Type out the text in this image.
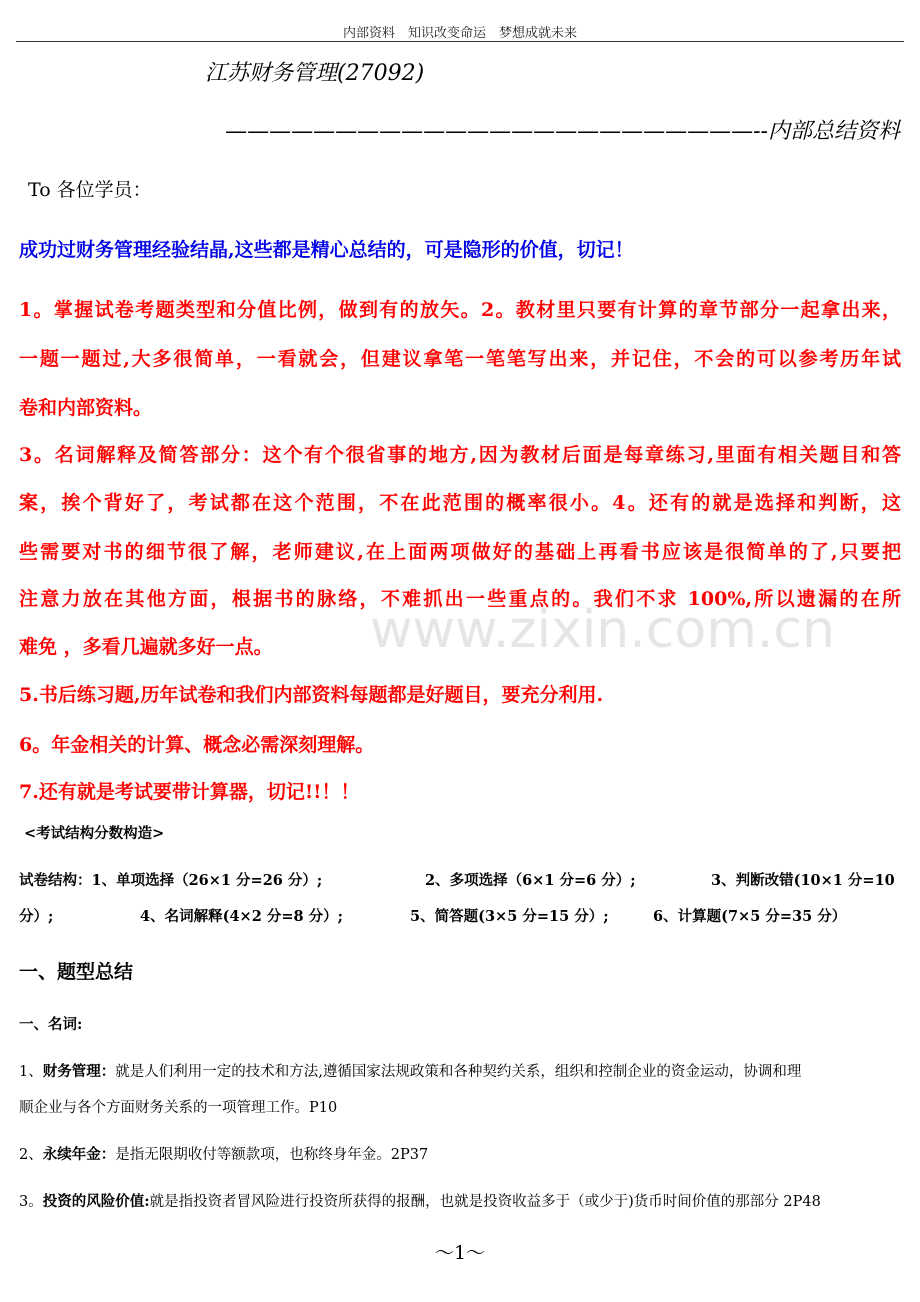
内部资料　知识改变命运　梦想成就未来
www.zixin.com.cn
江苏财务管理(27092)
————————————————————————--内部总结资料
To 各位学员：
成功过财务管理经验结晶,这些都是精心总结的，可是隐形的价值，切记！
1。掌握试卷考题类型和分值比例，做到有的放矢。2。教材里只要有计算的章节部分一起拿出来，
一题一题过,大多很简单，一看就会，但建议拿笔一笔笔写出来，并记住，不会的可以参考历年试
卷和内部资料。
3。名词解释及简答部分：这个有个很省事的地方,因为教材后面是每章练习,里面有相关题目和答
案，挨个背好了，考试都在这个范围，不在此范围的概率很小。4。还有的就是选择和判断，这
些需要对书的细节很了解，老师建议,在上面两项做好的基础上再看书应该是很简单的了,只要把
注意力放在其他方面，根据书的脉络，不难抓出一些重点的。我们不求 100%,所以遗漏的在所
难免 ，多看几遍就多好一点。
5.书后练习题,历年试卷和我们内部资料每题都是好题目，要充分利用.
6。年金相关的计算、概念必需深刻理解。
7.还有就是考试要带计算器，切记!!！！
<考试结构分数构造>
试卷结构：1、单项选择（26×1 分=26 分）;	2、多项选择（6×1 分=6 分）;	3、判断改错(10×1 分=10
分）;	4、名词解释(4×2 分=8 分）;	5、简答题(3×5 分=15 分）;	6、计算题(7×5 分=35 分）
一、题型总结
一、名词:
1、财务管理：就是人们利用一定的技术和方法,遵循国家法规政策和各种契约关系，组织和控制企业的资金运动，协调和理
顺企业与各个方面财务关系的一项管理工作。P10
2、永续年金：是指无限期收付等额款项，也称终身年金。2P37
3。投资的风险价值:就是指投资者冒风险进行投资所获得的报酬，也就是投资收益多于（或少于)货币时间价值的那部分 2P48
～1～
